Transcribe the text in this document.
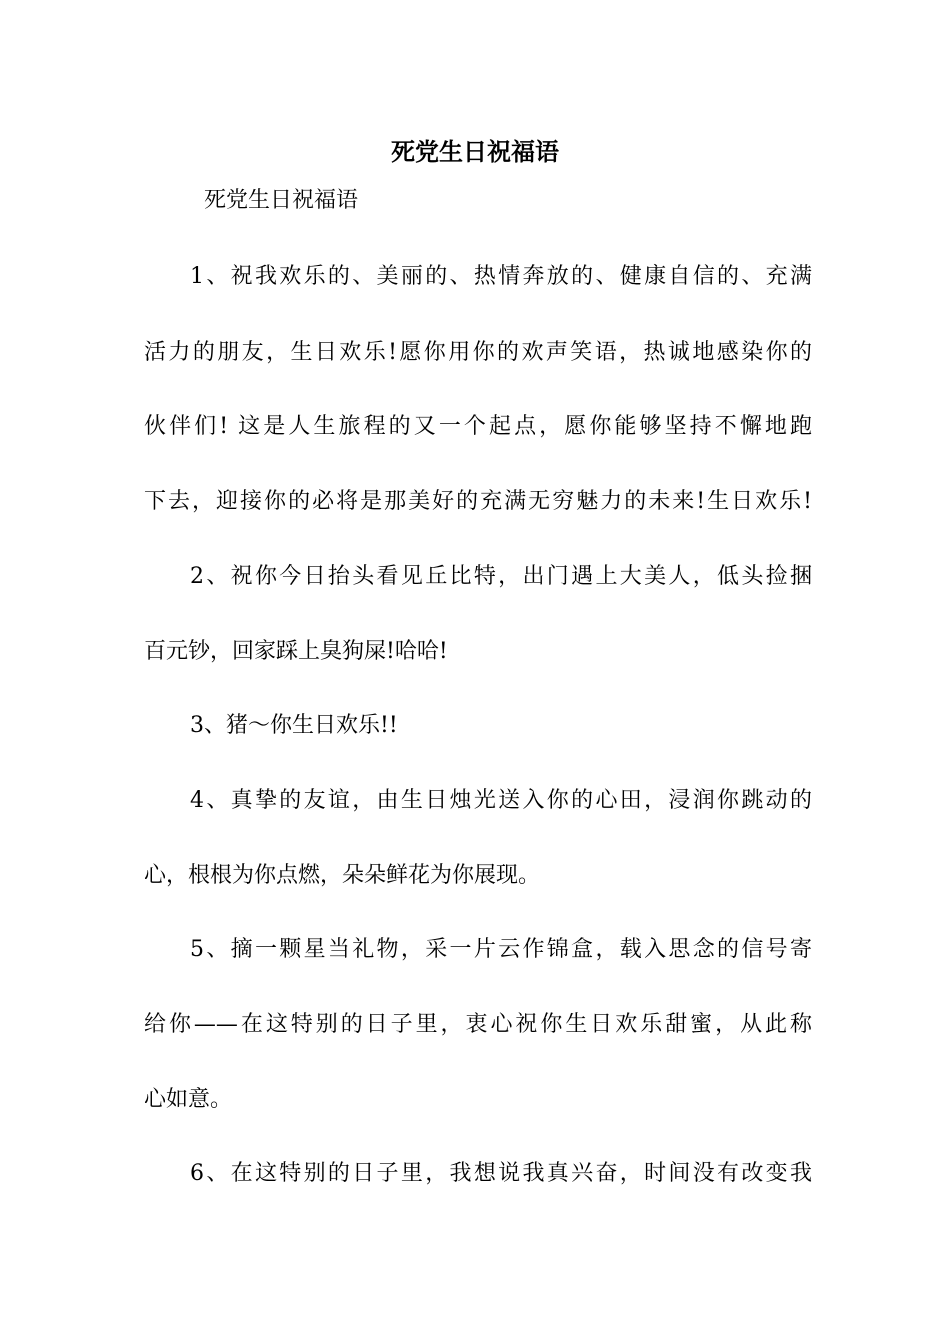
死党生日祝福语

死党生日祝福语

1、祝我欢乐的、美丽的、热情奔放的、健康自信的、充满

活力的朋友，生日欢乐!愿你用你的欢声笑语，热诚地感染你的

伙伴们! 这是人生旅程的又一个起点，愿你能够坚持不懈地跑

下去，迎接你的必将是那美好的充满无穷魅力的未来!生日欢乐!

2、祝你今日抬头看见丘比特，出门遇上大美人，低头捡捆

百元钞，回家踩上臭狗屎!哈哈!

3、猪～你生日欢乐!!

4、真挚的友谊，由生日烛光送入你的心田，浸润你跳动的

心，根根为你点燃，朵朵鲜花为你展现。

5、摘一颗星当礼物，采一片云作锦盒，载入思念的信号寄

给你——在这特别的日子里，衷心祝你生日欢乐甜蜜，从此称

心如意。

6、在这特别的日子里，我想说我真兴奋，时间没有改变我
